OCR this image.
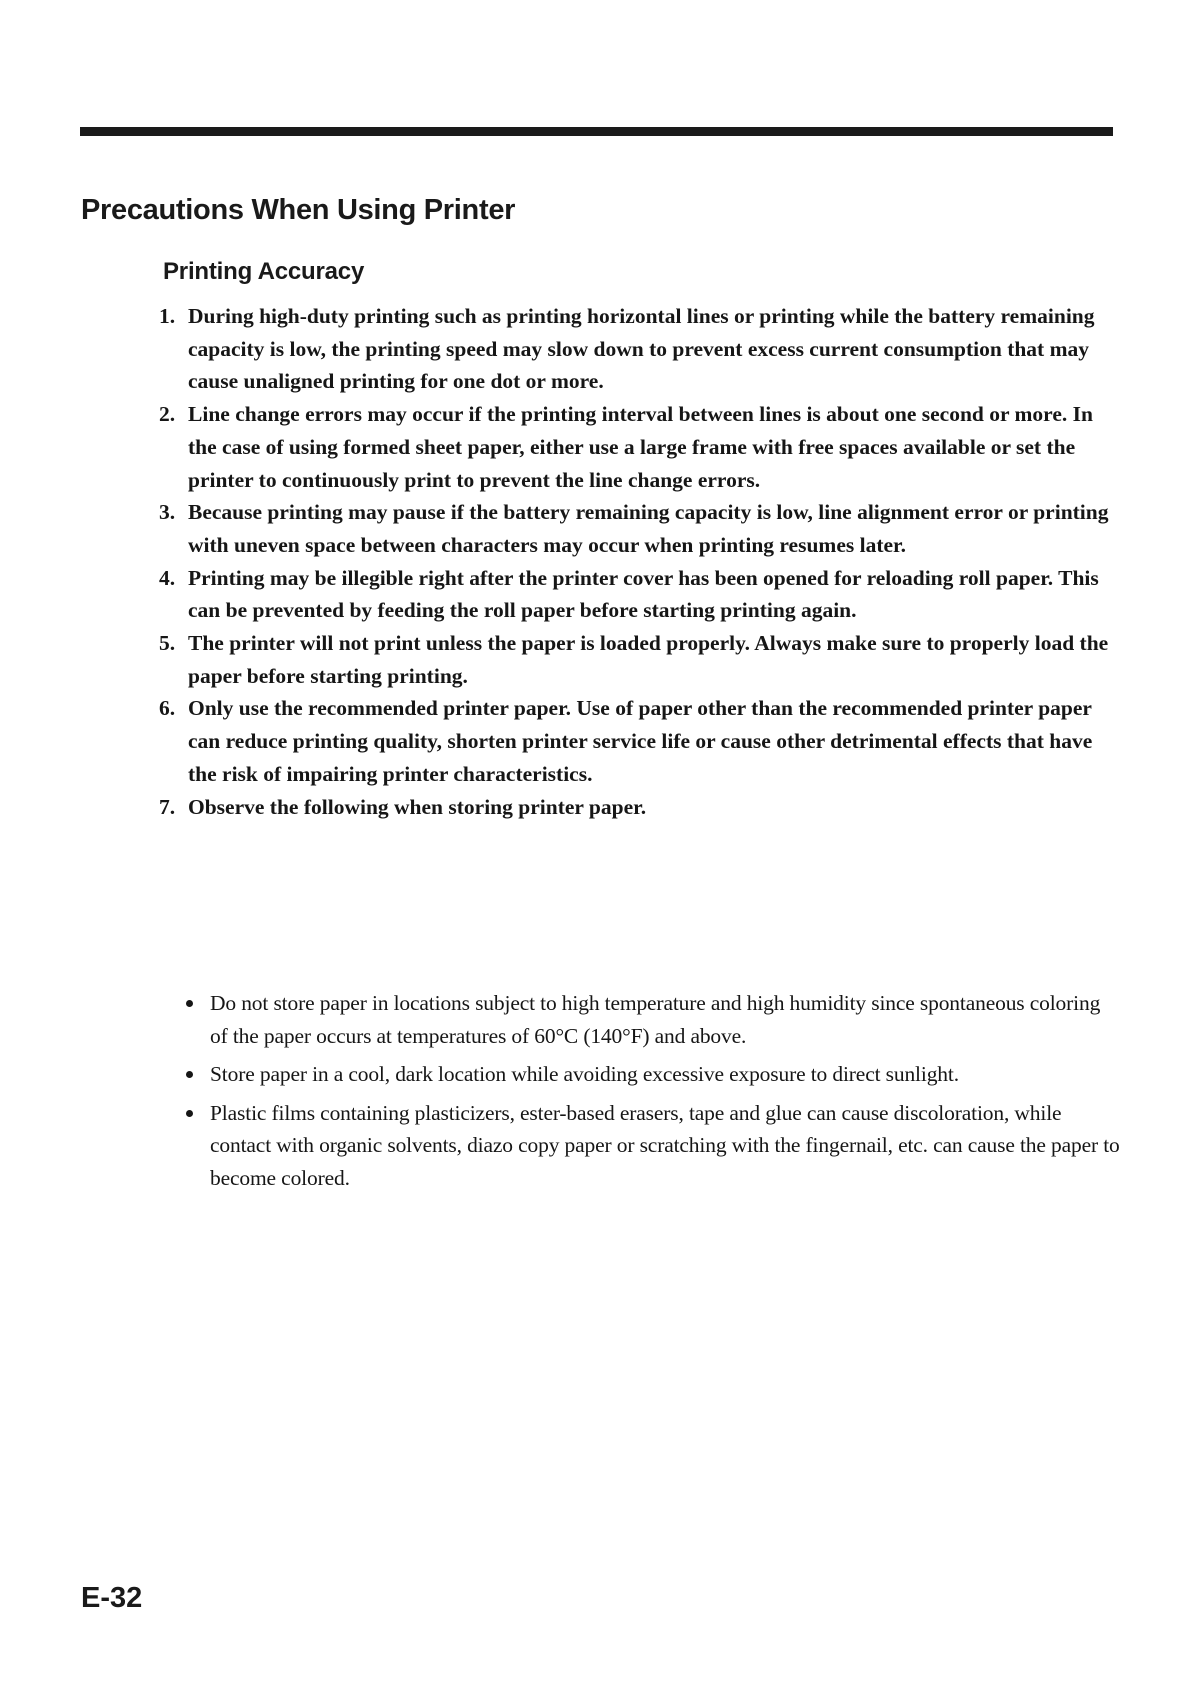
Precautions When Using Printer
Printing Accuracy
1. During high-duty printing such as printing horizontal lines or printing while the battery remaining capacity is low, the printing speed may slow down to prevent excess current consumption that may cause unaligned printing for one dot or more.
2. Line change errors may occur if the printing interval between lines is about one second or more. In the case of using formed sheet paper, either use a large frame with free spaces available or set the printer to continuously print to prevent the line change errors.
3. Because printing may pause if the battery remaining capacity is low, line alignment error or printing with uneven space between characters may occur when printing resumes later.
4. Printing may be illegible right after the printer cover has been opened for reloading roll paper. This can be prevented by feeding the roll paper before starting printing again.
5. The printer will not print unless the paper is loaded properly. Always make sure to properly load the paper before starting printing.
6. Only use the recommended printer paper. Use of paper other than the recommended printer paper can reduce printing quality, shorten printer service life or cause other detrimental effects that have the risk of impairing printer characteristics.
7. Observe the following when storing printer paper.
Do not store paper in locations subject to high temperature and high humidity since spontaneous coloring of the paper occurs at temperatures of 60°C (140°F) and above.
Store paper in a cool, dark location while avoiding excessive exposure to direct sunlight.
Plastic films containing plasticizers, ester-based erasers, tape and glue can cause discoloration, while contact with organic solvents, diazo copy paper or scratching with the fingernail, etc. can cause the paper to become colored.
E-32
